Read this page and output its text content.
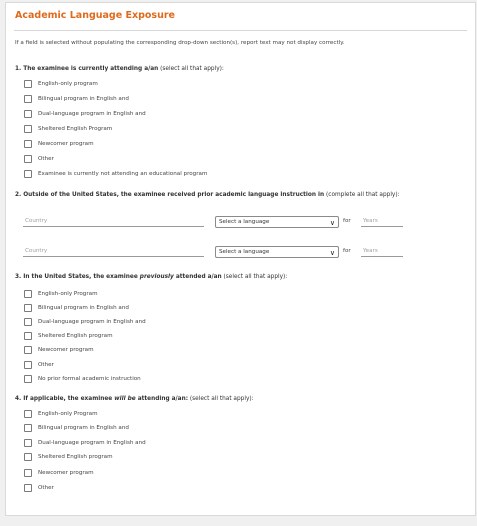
Academic Language Exposure
If a field is selected without populating the corresponding drop-down section(s), report text may not display correctly.
1. The examinee is currently attending a/an (select all that apply):
English-only program
Bilingual program in English and
Dual-language program in English and
Sheltered English Program
Newcomer program
Other
Examinee is currently not attending an educational program
2. Outside of the United States, the examinee received prior academic language instruction in (complete all that apply):
Country	Select a language	∨ for	Years
Country	Select a language	∨ for	Years
3. In the United States, the examinee previously attended a/an (select all that apply):
English-only Program
Bilingual program in English and
Dual-language program in English and
Sheltered English program
Newcomer program
Other
No prior formal academic instruction
4. If applicable, the examinee will be attending a/an: (select all that apply):
English-only Program
Bilingual program in English and
Dual-language program in English and
Sheltered English program
Newcomer program
Other
